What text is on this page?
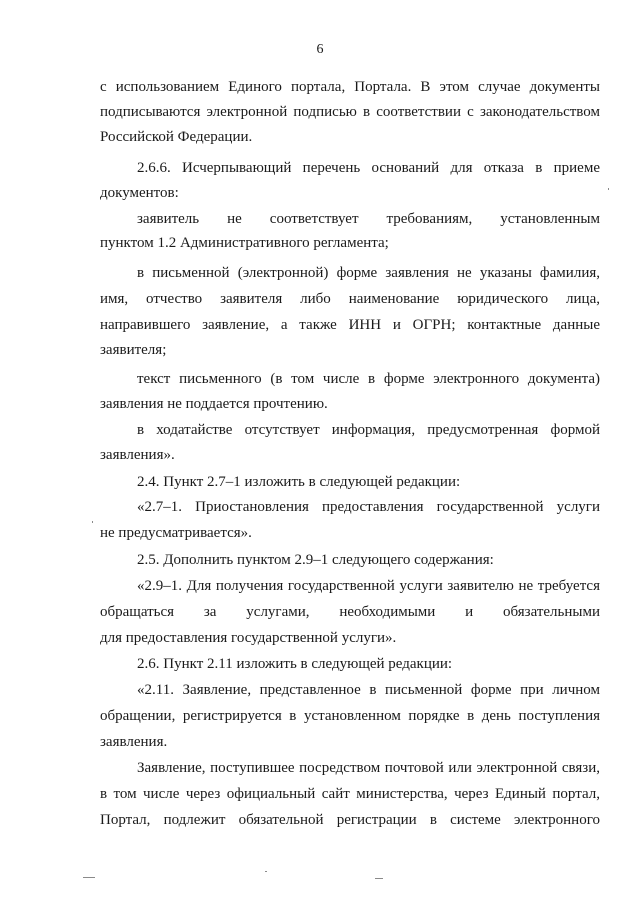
6
с использованием Единого портала, Портала. В этом случае документы
подписываются электронной подписью в соответствии с законодательством
Российской Федерации.
2.6.6. Исчерпывающий перечень оснований для отказа в приеме
документов:
заявитель не соответствует требованиям, установленным
пунктом 1.2 Административного регламента;
в письменной (электронной) форме заявления не указаны фамилия,
имя, отчество заявителя либо наименование юридического лица,
направившего заявление, а также ИНН и ОГРН; контактные данные
заявителя;
текст письменного (в том числе в форме электронного документа)
заявления не поддается прочтению.
в ходатайстве отсутствует информация, предусмотренная формой
заявления».
2.4. Пункт 2.7–1 изложить в следующей редакции:
«2.7–1. Приостановления предоставления государственной услуги
не предусматривается».
2.5. Дополнить пунктом 2.9–1 следующего содержания:
«2.9–1. Для получения государственной услуги заявителю не требуется
обращаться за услугами, необходимыми и обязательными
для предоставления государственной услуги».
2.6. Пункт 2.11 изложить в следующей редакции:
«2.11. Заявление, представленное в письменной форме при личном
обращении, регистрируется в установленном порядке в день поступления
заявления.
Заявление, поступившее посредством почтовой или электронной связи,
в том числе через официальный сайт министерства, через Единый портал,
Портал, подлежит обязательной регистрации в системе электронного
